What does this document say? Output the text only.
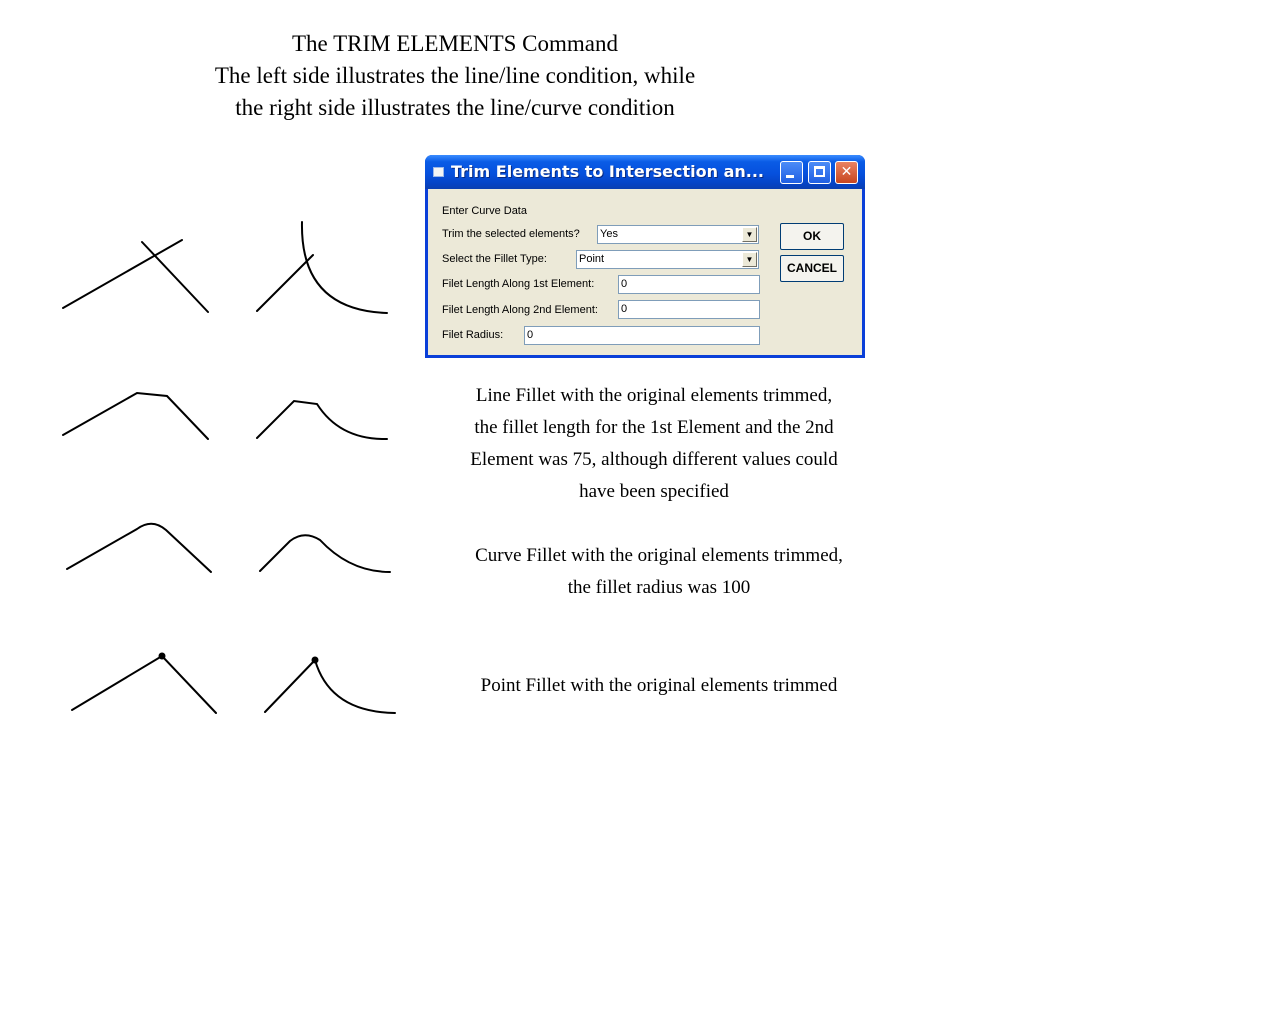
The TRIM ELEMENTS Command
The left side illustrates the line/line condition, while
the right side illustrates the line/curve condition
Trim Elements to Intersection an...	✕
Enter Curve Data
Trim the selected elements? Yes	▼
Select the Fillet Type:	Point	▼
Filet Length Along 1st Element: 0
Filet Length Along 2nd Element: 0
Filet Radius: 0
OK
CANCEL
Line Fillet with the original elements trimmed,
the fillet length for the 1st Element and the 2nd
Element was 75, although different values could
have been specified
Curve Fillet with the original elements trimmed,
the fillet radius was 100
Point Fillet with the original elements trimmed
